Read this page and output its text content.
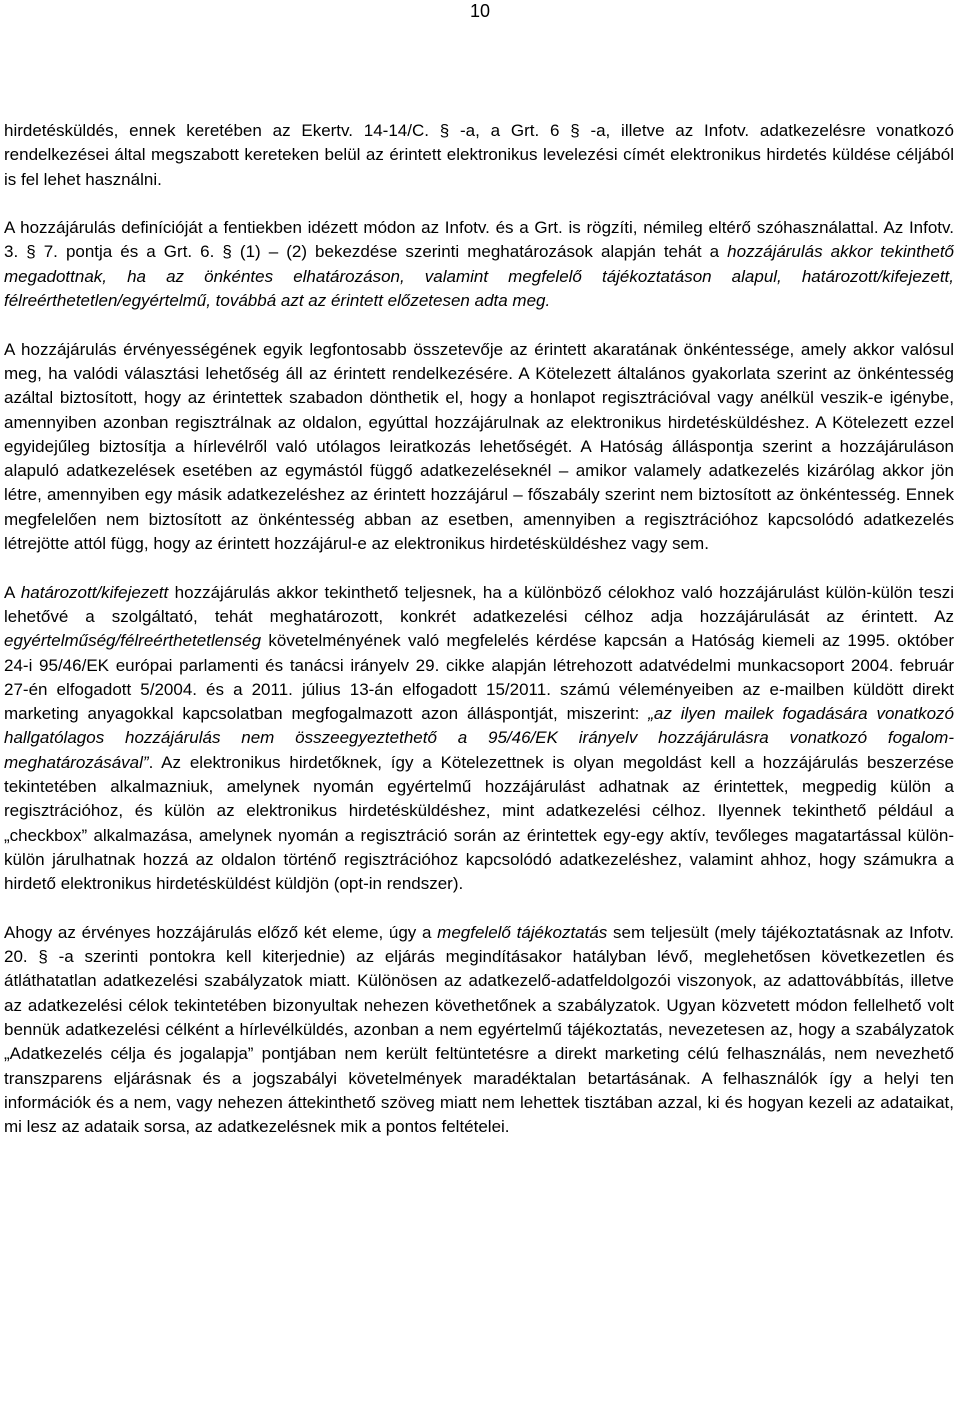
10

hirdetésküldés, ennek keretében az Ekertv. 14-14/C. § -a, a Grt. 6 § -a, illetve az Infotv. adatkezelésre vonatkozó rendelkezései által megszabott kereteken belül az érintett elektronikus levelezési címét elektronikus hirdetés küldése céljából is fel lehet használni.

A hozzájárulás definícióját a fentiekben idézett módon az Infotv. és a Grt. is rögzíti, némileg eltérő szóhasználattal. Az Infotv. 3. § 7. pontja és a Grt. 6. § (1) – (2) bekezdése szerinti meghatározások alapján tehát a hozzájárulás akkor tekinthető megadottnak, ha az önkéntes elhatározáson, valamint megfelelő tájékoztatáson alapul, határozott/kifejezett, félreérthetetlen/egyértelmű, továbbá azt az érintett előzetesen adta meg.

A hozzájárulás érvényességének egyik legfontosabb összetevője az érintett akaratának önkéntessége, amely akkor valósul meg, ha valódi választási lehetőség áll az érintett rendelkezésére. A Kötelezett általános gyakorlata szerint az önkéntesség azáltal biztosított, hogy az érintettek szabadon dönthetik el, hogy a honlapot regisztrációval vagy anélkül veszik-e igénybe, amennyiben azonban regisztrálnak az oldalon, egyúttal hozzájárulnak az elektronikus hirdetésküldéshez. A Kötelezett ezzel egyidejűleg biztosítja a hírlevélről való utólagos leiratkozás lehetőségét. A Hatóság álláspontja szerint a hozzájáruláson alapuló adatkezelések esetében az egymástól függő adatkezeléseknél – amikor valamely adatkezelés kizárólag akkor jön létre, amennyiben egy másik adatkezeléshez az érintett hozzájárul – főszabály szerint nem biztosított az önkéntesség. Ennek megfelelően nem biztosított az önkéntesség abban az esetben, amennyiben a regisztrációhoz kapcsolódó adatkezelés létrejötte attól függ, hogy az érintett hozzájárul-e az elektronikus hirdetésküldéshez vagy sem.

A határozott/kifejezett hozzájárulás akkor tekinthető teljesnek, ha a különböző célokhoz való hozzájárulást külön-külön teszi lehetővé a szolgáltató, tehát meghatározott, konkrét adatkezelési célhoz adja hozzájárulását az érintett. Az egyértelműség/félreérthetetlenség követelményének való megfelelés kérdése kapcsán a Hatóság kiemeli az 1995. október 24-i 95/46/EK európai parlamenti és tanácsi irányelv 29. cikke alapján létrehozott adatvédelmi munkacsoport 2004. február 27-én elfogadott 5/2004. és a 2011. július 13-án elfogadott 15/2011. számú véleményeiben az e-mailben küldött direkt marketing anyagokkal kapcsolatban megfogalmazott azon álláspontját, miszerint: „az ilyen mailek fogadására vonatkozó hallgatólagos hozzájárulás nem összeegyeztethető a 95/46/EK irányelv hozzájárulásra vonatkozó fogalom-meghatározásával”. Az elektronikus hirdetőknek, így a Kötelezettnek is olyan megoldást kell a hozzájárulás beszerzése tekintetében alkalmazniuk, amelynek nyomán egyértelmű hozzájárulást adhatnak az érintettek, megpedig külön a regisztrációhoz, és külön az elektronikus hirdetésküldéshez, mint adatkezelési célhoz. Ilyennek tekinthető például a „checkbox” alkalmazása, amelynek nyomán a regisztráció során az érintettek egy-egy aktív, tevőleges magatartással külön-külön járulhatnak hozzá az oldalon történő regisztrációhoz kapcsolódó adatkezeléshez, valamint ahhoz, hogy számukra a hirdető elektronikus hirdetésküldést küldjön (opt-in rendszer).

Ahogy az érvényes hozzájárulás előző két eleme, úgy a megfelelő tájékoztatás sem teljesült (mely tájékoztatásnak az Infotv. 20. § -a szerinti pontokra kell kiterjednie) az eljárás megindításakor hatályban lévő, meglehetősen következetlen és átláthatatlan adatkezelési szabályzatok miatt. Különösen az adatkezelő-adatfeldolgozói viszonyok, az adattovábbítás, illetve az adatkezelési célok tekintetében bizonyultak nehezen követhetőnek a szabályzatok. Ugyan közvetett módon fellelhető volt bennük adatkezelési célként a hírlevélküldés, azonban a nem egyértelmű tájékoztatás, nevezetesen az, hogy a szabályzatok „Adatkezelés célja és jogalapja” pontjában nem került feltüntetésre a direkt marketing célú felhasználás, nem nevezhető transzparens eljárásnak és a jogszabályi követelmények maradéktalan betartásának. A felhasználók így a helyi ten információk és a nem, vagy nehezen áttekinthető szöveg miatt nem lehettek tisztában azzal, ki és hogyan kezeli az adataikat, mi lesz az adataik sorsa, az adatkezelésnek mik a pontos feltételei.
